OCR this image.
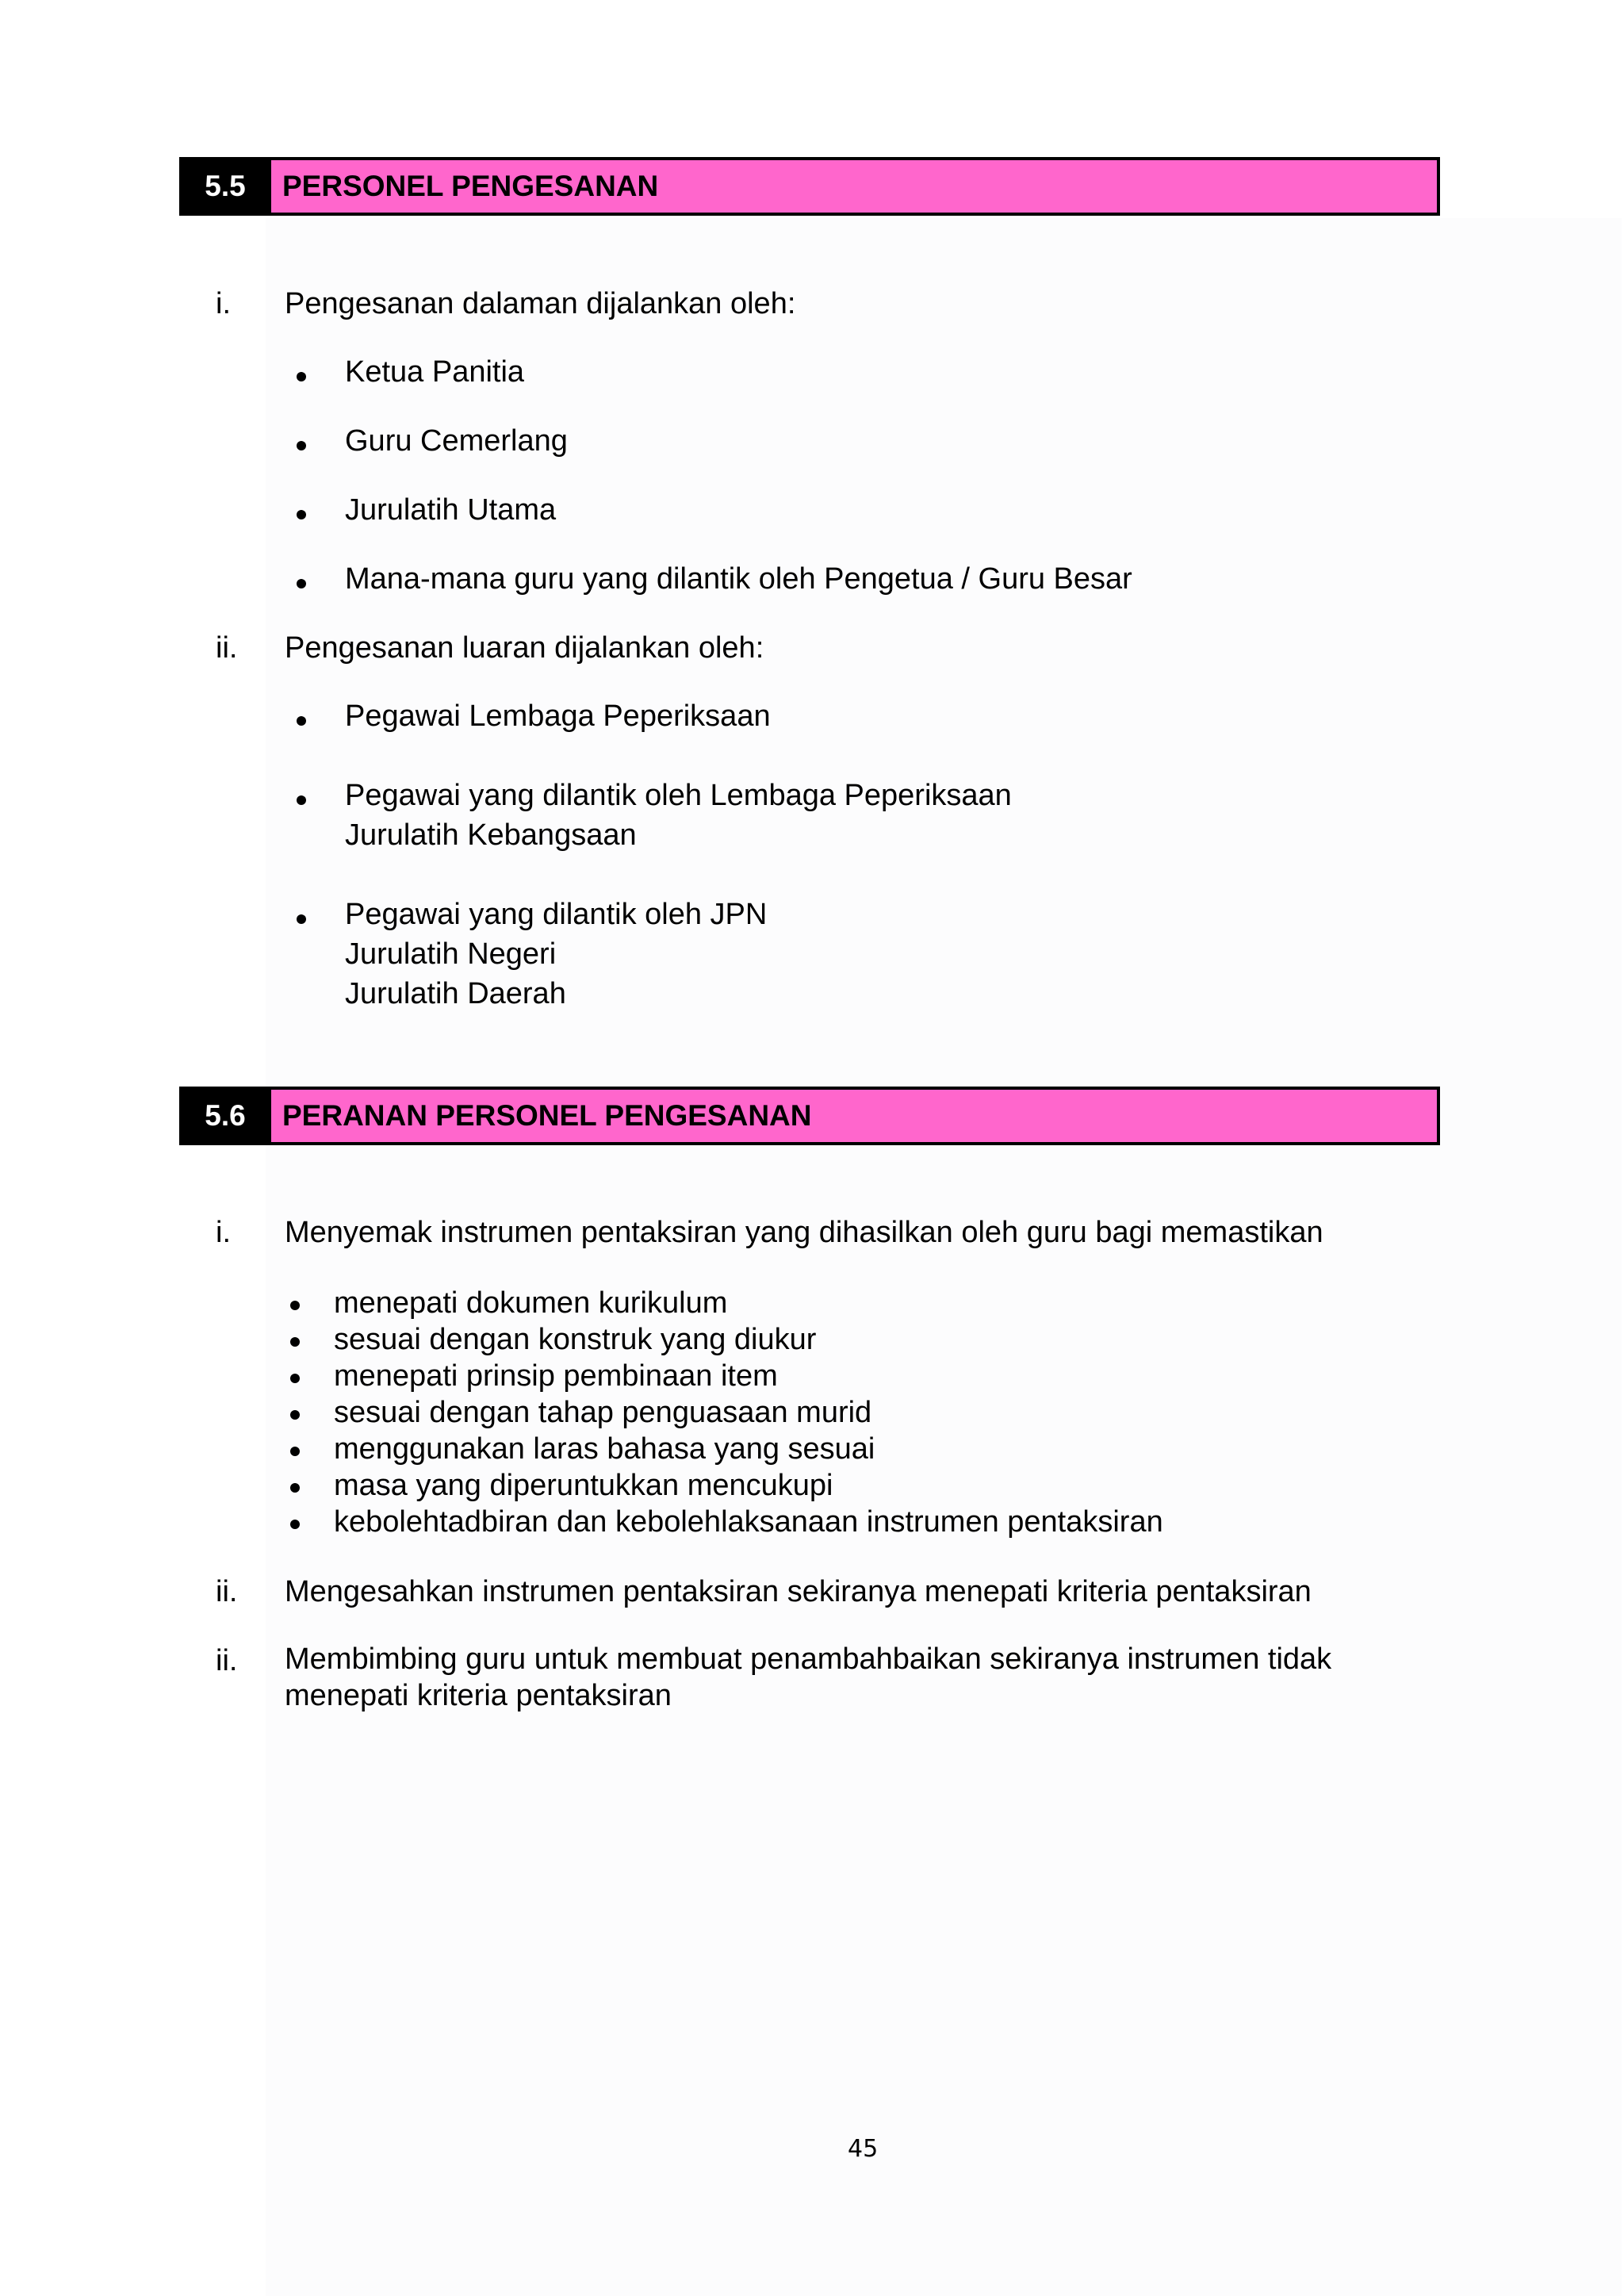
5.5	PERSONEL PENGESANAN
i. Pengesanan dalaman dijalankan oleh:
Ketua Panitia
Guru Cemerlang
Jurulatih Utama
Mana-mana guru yang dilantik oleh Pengetua / Guru Besar
ii. Pengesanan luaran dijalankan oleh:
Pegawai Lembaga Peperiksaan
Pegawai yang dilantik oleh Lembaga Peperiksaan
Jurulatih Kebangsaan
Pegawai yang dilantik oleh JPN
Jurulatih Negeri
Jurulatih Daerah
5.6	PERANAN PERSONEL PENGESANAN
i. Menyemak instrumen pentaksiran yang dihasilkan oleh guru bagi memastikan
menepati dokumen kurikulum
sesuai dengan konstruk yang diukur
menepati prinsip pembinaan item
sesuai dengan tahap penguasaan murid
menggunakan laras bahasa yang sesuai
masa yang diperuntukkan mencukupi
kebolehtadbiran dan kebolehlaksanaan instrumen pentaksiran
ii. Mengesahkan instrumen pentaksiran sekiranya menepati kriteria pentaksiran
ii. Membimbing guru untuk membuat penambahbaikan sekiranya instrumen tidak
menepati kriteria pentaksiran
45
